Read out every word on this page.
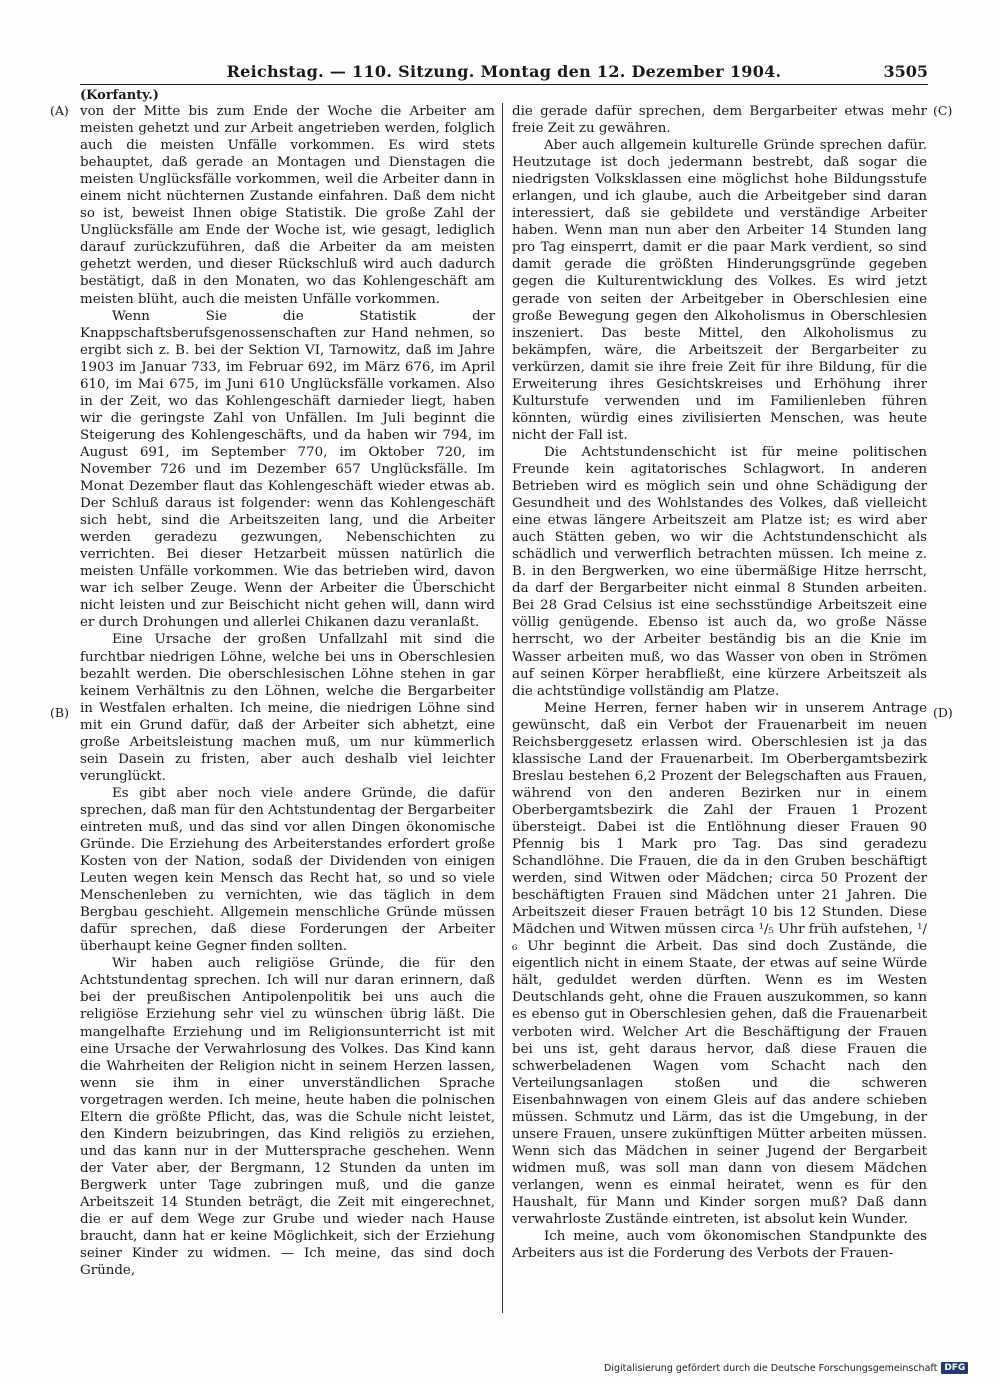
Reichstag. — 110. Sitzung. Montag den 12. Dezember 1904.	3505
(Korfanty.)
(A)
(B)
(C)
(D)

von der Mitte bis zum Ende der Woche die Arbeiter am meisten gehetzt und zur Arbeit angetrieben werden, folglich auch die meisten Unfälle vorkommen. Es wird stets behauptet, daß gerade an Montagen und Dienstagen die meisten Unglücksfälle vorkommen, weil die Arbeiter dann in einem nicht nüchternen Zustande einfahren. Daß dem nicht so ist, beweist Ihnen obige Statistik. Die große Zahl der Unglücksfälle am Ende der Woche ist, wie gesagt, lediglich darauf zurückzuführen, daß die Arbeiter da am meisten gehetzt werden, und dieser Rückschluß wird auch dadurch bestätigt, daß in den Monaten, wo das Kohlengeschäft am meisten blüht, auch die meisten Unfälle vorkommen.

Wenn Sie die Statistik der Knappschaftsberufsgenossenschaften zur Hand nehmen, so ergibt sich z. B. bei der Sektion VI, Tarnowitz, daß im Jahre 1903 im Januar 733, im Februar 692, im März 676, im April 610, im Mai 675, im Juni 610 Unglücksfälle vorkamen. Also in der Zeit, wo das Kohlengeschäft darnieder liegt, haben wir die geringste Zahl von Unfällen. Im Juli beginnt die Steigerung des Kohlengeschäfts, und da haben wir 794, im August 691, im September 770, im Oktober 720, im November 726 und im Dezember 657 Unglücksfälle. Im Monat Dezember flaut das Kohlengeschäft wieder etwas ab. Der Schluß daraus ist folgender: wenn das Kohlengeschäft sich hebt, sind die Arbeitszeiten lang, und die Arbeiter werden geradezu gezwungen, Nebenschichten zu verrichten. Bei dieser Hetzarbeit müssen natürlich die meisten Unfälle vorkommen. Wie das betrieben wird, davon war ich selber Zeuge. Wenn der Arbeiter die Überschicht nicht leisten und zur Beischicht nicht gehen will, dann wird er durch Drohungen und allerlei Chikanen dazu veranlaßt.

Eine Ursache der großen Unfallzahl mit sind die furchtbar niedrigen Löhne, welche bei uns in Oberschlesien bezahlt werden. Die oberschlesischen Löhne stehen in gar keinem Verhältnis zu den Löhnen, welche die Bergarbeiter in Westfalen erhalten. Ich meine, die niedrigen Löhne sind mit ein Grund dafür, daß der Arbeiter sich abhetzt, eine große Arbeitsleistung machen muß, um nur kümmerlich sein Dasein zu fristen, aber auch deshalb viel leichter verunglückt.

Es gibt aber noch viele andere Gründe, die dafür sprechen, daß man für den Achtstundentag der Bergarbeiter eintreten muß, und das sind vor allen Dingen ökonomische Gründe. Die Erziehung des Arbeiterstandes erfordert große Kosten von der Nation, sodaß der Dividenden von einigen Leuten wegen kein Mensch das Recht hat, so und so viele Menschenleben zu vernichten, wie das täglich in dem Bergbau geschieht. Allgemein menschliche Gründe müssen dafür sprechen, daß diese Forderungen der Arbeiter überhaupt keine Gegner finden sollten.

Wir haben auch religiöse Gründe, die für den Achtstundentag sprechen. Ich will nur daran erinnern, daß bei der preußischen Antipolenpolitik bei uns auch die religiöse Erziehung sehr viel zu wünschen übrig läßt. Die mangelhafte Erziehung und im Religionsunterricht ist mit eine Ursache der Verwahrlosung des Volkes. Das Kind kann die Wahrheiten der Religion nicht in seinem Herzen lassen, wenn sie ihm in einer unverständlichen Sprache vorgetragen werden. Ich meine, heute haben die polnischen Eltern die größte Pflicht, das, was die Schule nicht leistet, den Kindern beizubringen, das Kind religiös zu erziehen, und das kann nur in der Muttersprache geschehen. Wenn der Vater aber, der Bergmann, 12 Stunden da unten im Bergwerk unter Tage zubringen muß, und die ganze Arbeitszeit 14 Stunden beträgt, die Zeit mit eingerechnet, die er auf dem Wege zur Grube und wieder nach Hause braucht, dann hat er keine Möglichkeit, sich der Erziehung seiner Kinder zu widmen. — Ich meine, das sind doch Gründe,

die gerade dafür sprechen, dem Bergarbeiter etwas mehr freie Zeit zu gewähren.

Aber auch allgemein kulturelle Gründe sprechen dafür. Heutzutage ist doch jedermann bestrebt, daß sogar die niedrigsten Volksklassen eine möglichst hohe Bildungsstufe erlangen, und ich glaube, auch die Arbeitgeber sind daran interessiert, daß sie gebildete und verständige Arbeiter haben. Wenn man nun aber den Arbeiter 14 Stunden lang pro Tag einsperrt, damit er die paar Mark verdient, so sind damit gerade die größten Hinderungsgründe gegeben gegen die Kulturentwicklung des Volkes. Es wird jetzt gerade von seiten der Arbeitgeber in Oberschlesien eine große Bewegung gegen den Alkoholismus in Oberschlesien inszeniert. Das beste Mittel, den Alkoholismus zu bekämpfen, wäre, die Arbeitszeit der Bergarbeiter zu verkürzen, damit sie ihre freie Zeit für ihre Bildung, für die Erweiterung ihres Gesichtskreises und Erhöhung ihrer Kulturstufe verwenden und im Familienleben führen könnten, würdig eines zivilisierten Menschen, was heute nicht der Fall ist.

Die Achtstundenschicht ist für meine politischen Freunde kein agitatorisches Schlagwort. In anderen Betrieben wird es möglich sein und ohne Schädigung der Gesundheit und des Wohlstandes des Volkes, daß vielleicht eine etwas längere Arbeitszeit am Platze ist; es wird aber auch Stätten geben, wo wir die Achtstundenschicht als schädlich und verwerflich betrachten müssen. Ich meine z. B. in den Bergwerken, wo eine übermäßige Hitze herrscht, da darf der Bergarbeiter nicht einmal 8 Stunden arbeiten. Bei 28 Grad Celsius ist eine sechsstündige Arbeitszeit eine völlig genügende. Ebenso ist auch da, wo große Nässe herrscht, wo der Arbeiter beständig bis an die Knie im Wasser arbeiten muß, wo das Wasser von oben in Strömen auf seinen Körper herabfließt, eine kürzere Arbeitszeit als die achtstündige vollständig am Platze.

Meine Herren, ferner haben wir in unserem Antrage gewünscht, daß ein Verbot der Frauenarbeit im neuen Reichsberggesetz erlassen wird. Oberschlesien ist ja das klassische Land der Frauenarbeit. Im Oberbergamtsbezirk Breslau bestehen 6,2 Prozent der Belegschaften aus Frauen, während von den anderen Bezirken nur in einem Oberbergamtsbezirk die Zahl der Frauen 1 Prozent übersteigt. Dabei ist die Entlöhnung dieser Frauen 90 Pfennig bis 1 Mark pro Tag. Das sind geradezu Schandlöhne. Die Frauen, die da in den Gruben beschäftigt werden, sind Witwen oder Mädchen; circa 50 Prozent der beschäftigten Frauen sind Mädchen unter 21 Jahren. Die Arbeitszeit dieser Frauen beträgt 10 bis 12 Stunden. Diese Mädchen und Witwen müssen circa ¹/₅ Uhr früh aufstehen, ¹/₆ Uhr beginnt die Arbeit. Das sind doch Zustände, die eigentlich nicht in einem Staate, der etwas auf seine Würde hält, geduldet werden dürften. Wenn es im Westen Deutschlands geht, ohne die Frauen auszukommen, so kann es ebenso gut in Oberschlesien gehen, daß die Frauenarbeit verboten wird. Welcher Art die Beschäftigung der Frauen bei uns ist, geht daraus hervor, daß diese Frauen die schwerbeladenen Wagen vom Schacht nach den Verteilungsanlagen stoßen und die schweren Eisenbahnwagen von einem Gleis auf das andere schieben müssen. Schmutz und Lärm, das ist die Umgebung, in der unsere Frauen, unsere zukünftigen Mütter arbeiten müssen. Wenn sich das Mädchen in seiner Jugend der Bergarbeit widmen muß, was soll man dann von diesem Mädchen verlangen, wenn es einmal heiratet, wenn es für den Haushalt, für Mann und Kinder sorgen muß? Daß dann verwahrloste Zustände eintreten, ist absolut kein Wunder.

Ich meine, auch vom ökonomischen Standpunkte des Arbeiters aus ist die Forderung des Verbots der Frauen-

Digitalisierung gefördert durch die Deutsche Forschungsgemeinschaft DFG
